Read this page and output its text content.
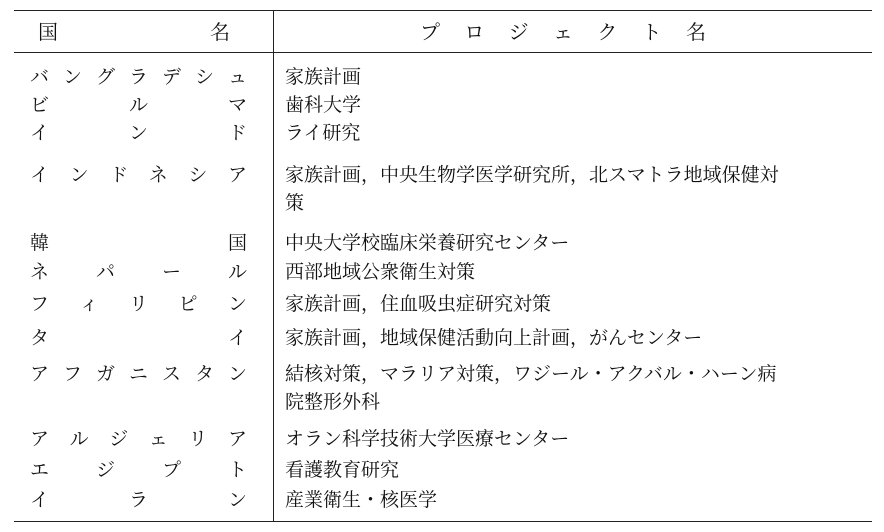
国	名	プ ロ ジ ェ ク ト 名
バ ン グ ラ デ シ ュ 家族計画
ビ ル マ 歯科大学
イ ン ド ライ研究
イ ン ド ネ シ ア 家族計画，中央生物学医学研究所，北スマトラ地域保健対
策
韓 国 中央大学校臨床栄養研究センター
ネ パ ー ル 西部地域公衆衛生対策
フ ィ リ ピ ン 家族計画，住血吸虫症研究対策
タ イ 家族計画，地域保健活動向上計画，がんセンター
ア フ ガ ニ ス タ ン 結核対策，マラリア対策，ワジール・アクバル・ハーン病
院整形外科
ア ル ジ ェ リ ア オラン科学技術大学医療センター
エ ジ プ ト 看護教育研究
イ ラ ン 産業衛生・核医学
